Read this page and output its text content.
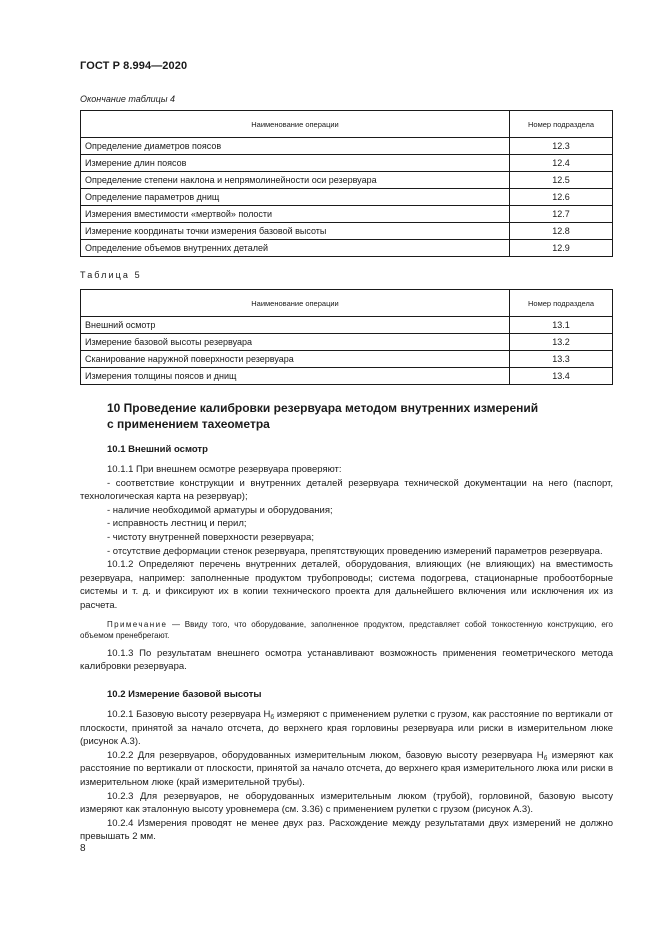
ГОСТ Р 8.994—2020
Окончание таблицы 4
Наименование операции	Номер подраздела
Определение диаметров поясов	12.3
Измерение длин поясов	12.4
Определение степени наклона и непрямолинейности оси резервуара	12.5
Определение параметров днищ	12.6
Измерения вместимости «мертвой» полости	12.7
Измерение координаты точки измерения базовой высоты	12.8
Определение объемов внутренних деталей	12.9
Таблица 5
Наименование операции	Номер подраздела
Внешний осмотр	13.1
Измерение базовой высоты резервуара	13.2
Сканирование наружной поверхности резервуара	13.3
Измерения толщины поясов и днищ	13.4
10 Проведение калибровки резервуара методом внутренних измерений
с применением тахеометра
10.1 Внешний осмотр

10.1.1 При внешнем осмотре резервуара проверяют:

- соответствие конструкции и внутренних деталей резервуара технической документации на него (паспорт, технологическая карта на резервуар);

- наличие необходимой арматуры и оборудования;

- исправность лестниц и перил;

- чистоту внутренней поверхности резервуара;

- отсутствие деформации стенок резервуара, препятствующих проведению измерений параметров резервуара.

10.1.2 Определяют перечень внутренних деталей, оборудования, влияющих (не влияющих) на вместимость резервуара, например: заполненные продуктом трубопроводы; система подогрева, стационарные пробоотборные системы и т. д. и фиксируют их в копии технического проекта для дальнейшего включения или исключения их из расчета.

Примечание — Ввиду того, что оборудование, заполненное продуктом, представляет собой тонкостенную конструкцию, его объемом пренебрегают.

10.1.3 По результатам внешнего осмотра устанавливают возможность применения геометрического метода калибровки резервуара.

10.2 Измерение базовой высоты

10.2.1 Базовую высоту резервуара $H_б$ измеряют с применением рулетки с грузом, как расстояние по вертикали от плоскости, принятой за начало отсчета, до верхнего края горловины резервуара или риски в измерительном люке (рисунок А.3).

10.2.2 Для резервуаров, оборудованных измерительным люком, базовую высоту резервуара $H_б$ измеряют как расстояние по вертикали от плоскости, принятой за начало отсчета, до верхнего края измерительного люка или риски в измерительном люке (край измерительной трубы).

10.2.3 Для резервуаров, не оборудованных измерительным люком (трубой), горловиной, базовую высоту измеряют как эталонную высоту уровнемера (см. 3.36) с применением рулетки с грузом (рисунок А.3).

10.2.4 Измерения проводят не менее двух раз. Расхождение между результатами двух измерений не должно превышать 2 мм.

8
